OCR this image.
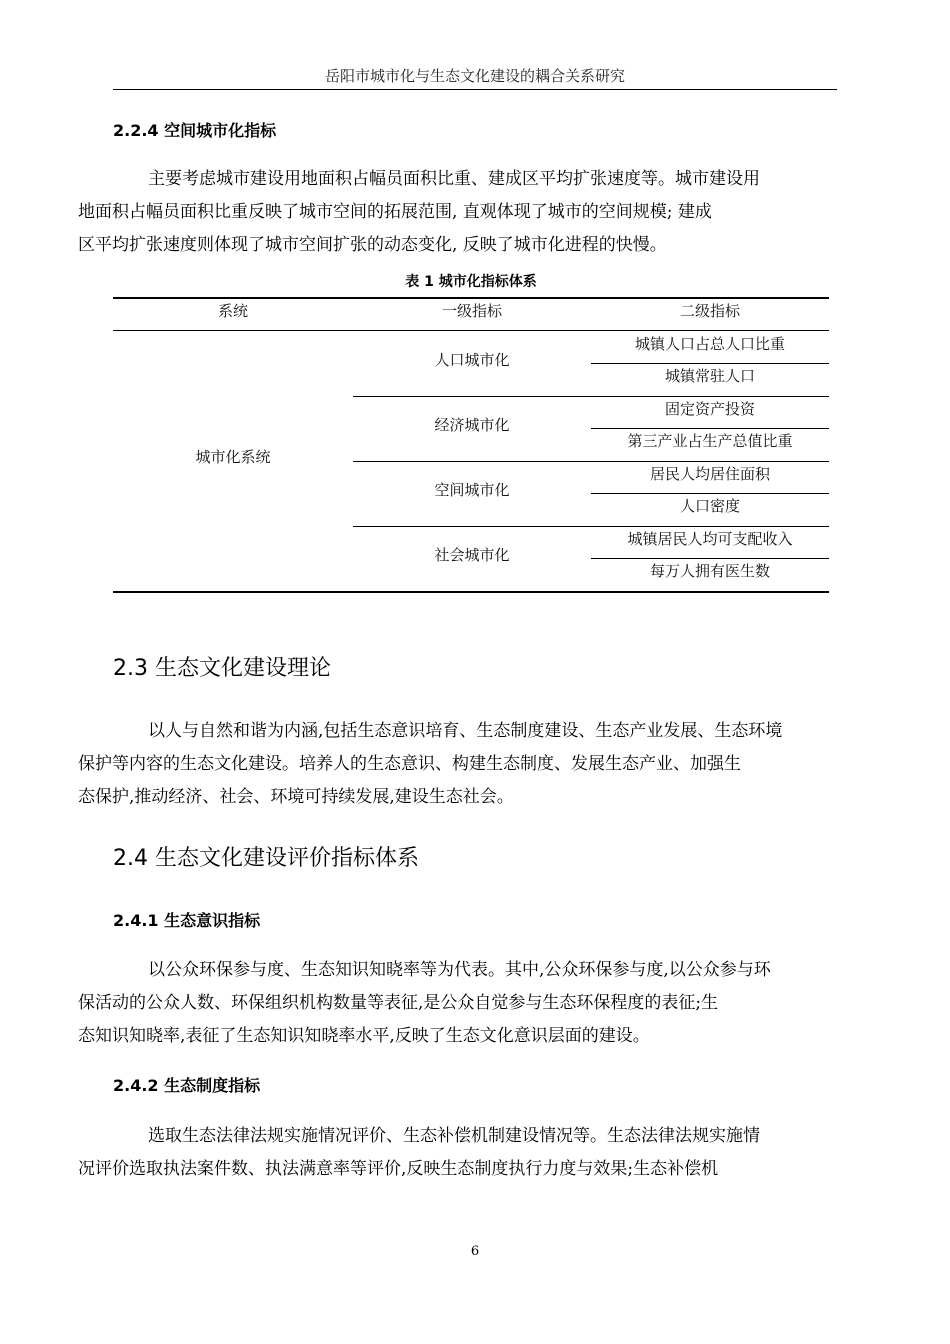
岳阳市城市化与生态文化建设的耦合关系研究
2.2.4 空间城市化指标
主要考虑城市建设用地面积占幅员面积比重、建成区平均扩张速度等。城市建设用
地面积占幅员面积比重反映了城市空间的拓展范围, 直观体现了城市的空间规模; 建成
区平均扩张速度则体现了城市空间扩张的动态变化, 反映了城市化进程的快慢。
表 1 城市化指标体系
系统	一级指标	二级指标
城市化系统
人口城市化
城镇人口占总人口比重
城镇常驻人口
经济城市化
固定资产投资
第三产业占生产总值比重
空间城市化
居民人均居住面积
人口密度
社会城市化
城镇居民人均可支配收入
每万人拥有医生数
2.3 生态文化建设理论
以人与自然和谐为内涵,包括生态意识培育、生态制度建设、生态产业发展、生态环境
保护等内容的生态文化建设。培养人的生态意识、构建生态制度、发展生态产业、加强生
态保护,推动经济、社会、环境可持续发展,建设生态社会。
2.4 生态文化建设评价指标体系
2.4.1 生态意识指标
以公众环保参与度、生态知识知晓率等为代表。其中,公众环保参与度,以公众参与环
保活动的公众人数、环保组织机构数量等表征,是公众自觉参与生态环保程度的表征;生
态知识知晓率,表征了生态知识知晓率水平,反映了生态文化意识层面的建设。
2.4.2 生态制度指标
选取生态法律法规实施情况评价、生态补偿机制建设情况等。生态法律法规实施情
况评价选取执法案件数、执法满意率等评价,反映生态制度执行力度与效果;生态补偿机
6
